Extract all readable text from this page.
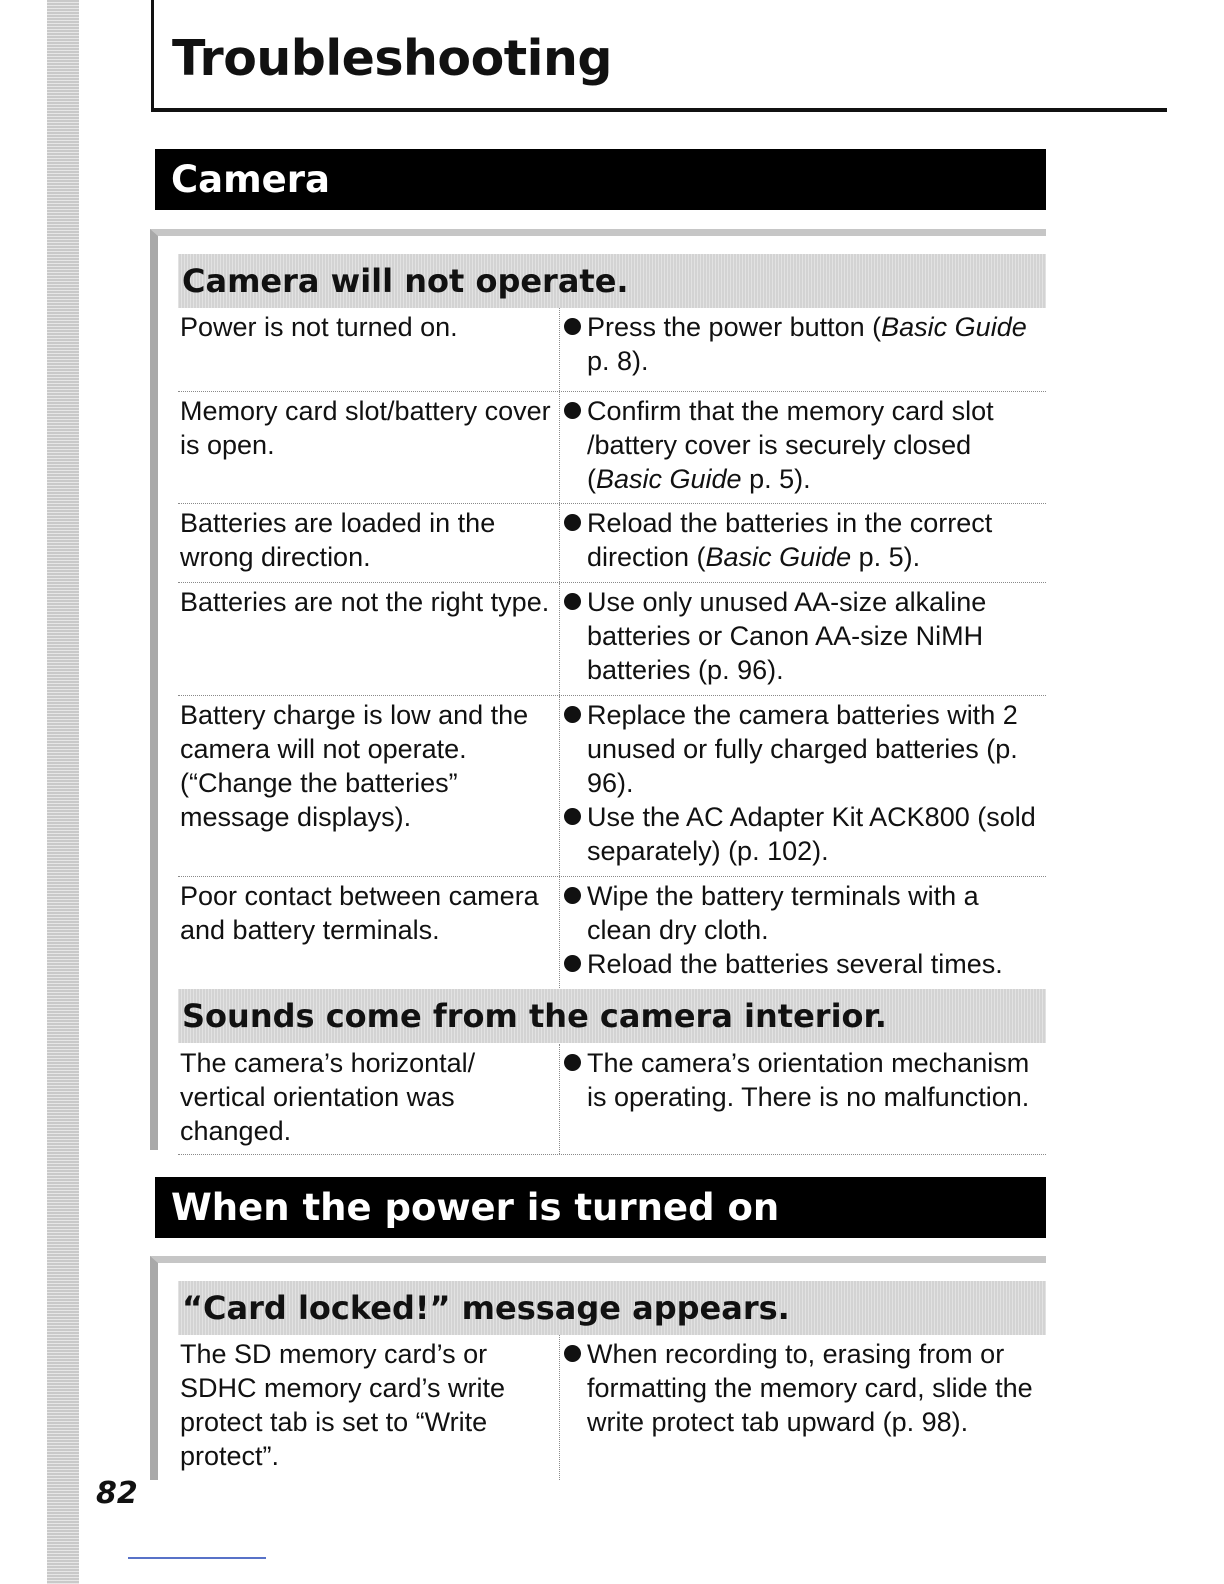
Troubleshooting
Camera
Camera will not operate.
Power is not turned on.	Press the power button (Basic Guide p. 8).
Memory card slot/battery cover is open.
Confirm that the memory card slot /battery cover is securely closed (Basic Guide p. 5).
Batteries are loaded in the wrong direction.
Reload the batteries in the correct direction (Basic Guide p. 5).
Batteries are not the right type.	Use only unused AA-size alkaline batteries or Canon AA-size NiMH batteries (p. 96).
Battery charge is low and the camera will not operate. (“Change the batteries” message displays).
Replace the camera batteries with 2 unused or fully charged batteries (p. 96).
Use the AC Adapter Kit ACK800 (sold separately) (p. 102).
Poor contact between camera and battery terminals.
Wipe the battery terminals with a clean dry cloth.
Reload the batteries several times.
Sounds come from the camera interior.
The camera’s horizontal/ vertical orientation was changed.
The camera’s orientation mechanism is operating. There is no malfunction.
When the power is turned on
“Card locked!” message appears.
The SD memory card’s or SDHC memory card’s write protect tab is set to “Write protect”.
When recording to, erasing from or formatting the memory card, slide the write protect tab upward (p. 98).
82
